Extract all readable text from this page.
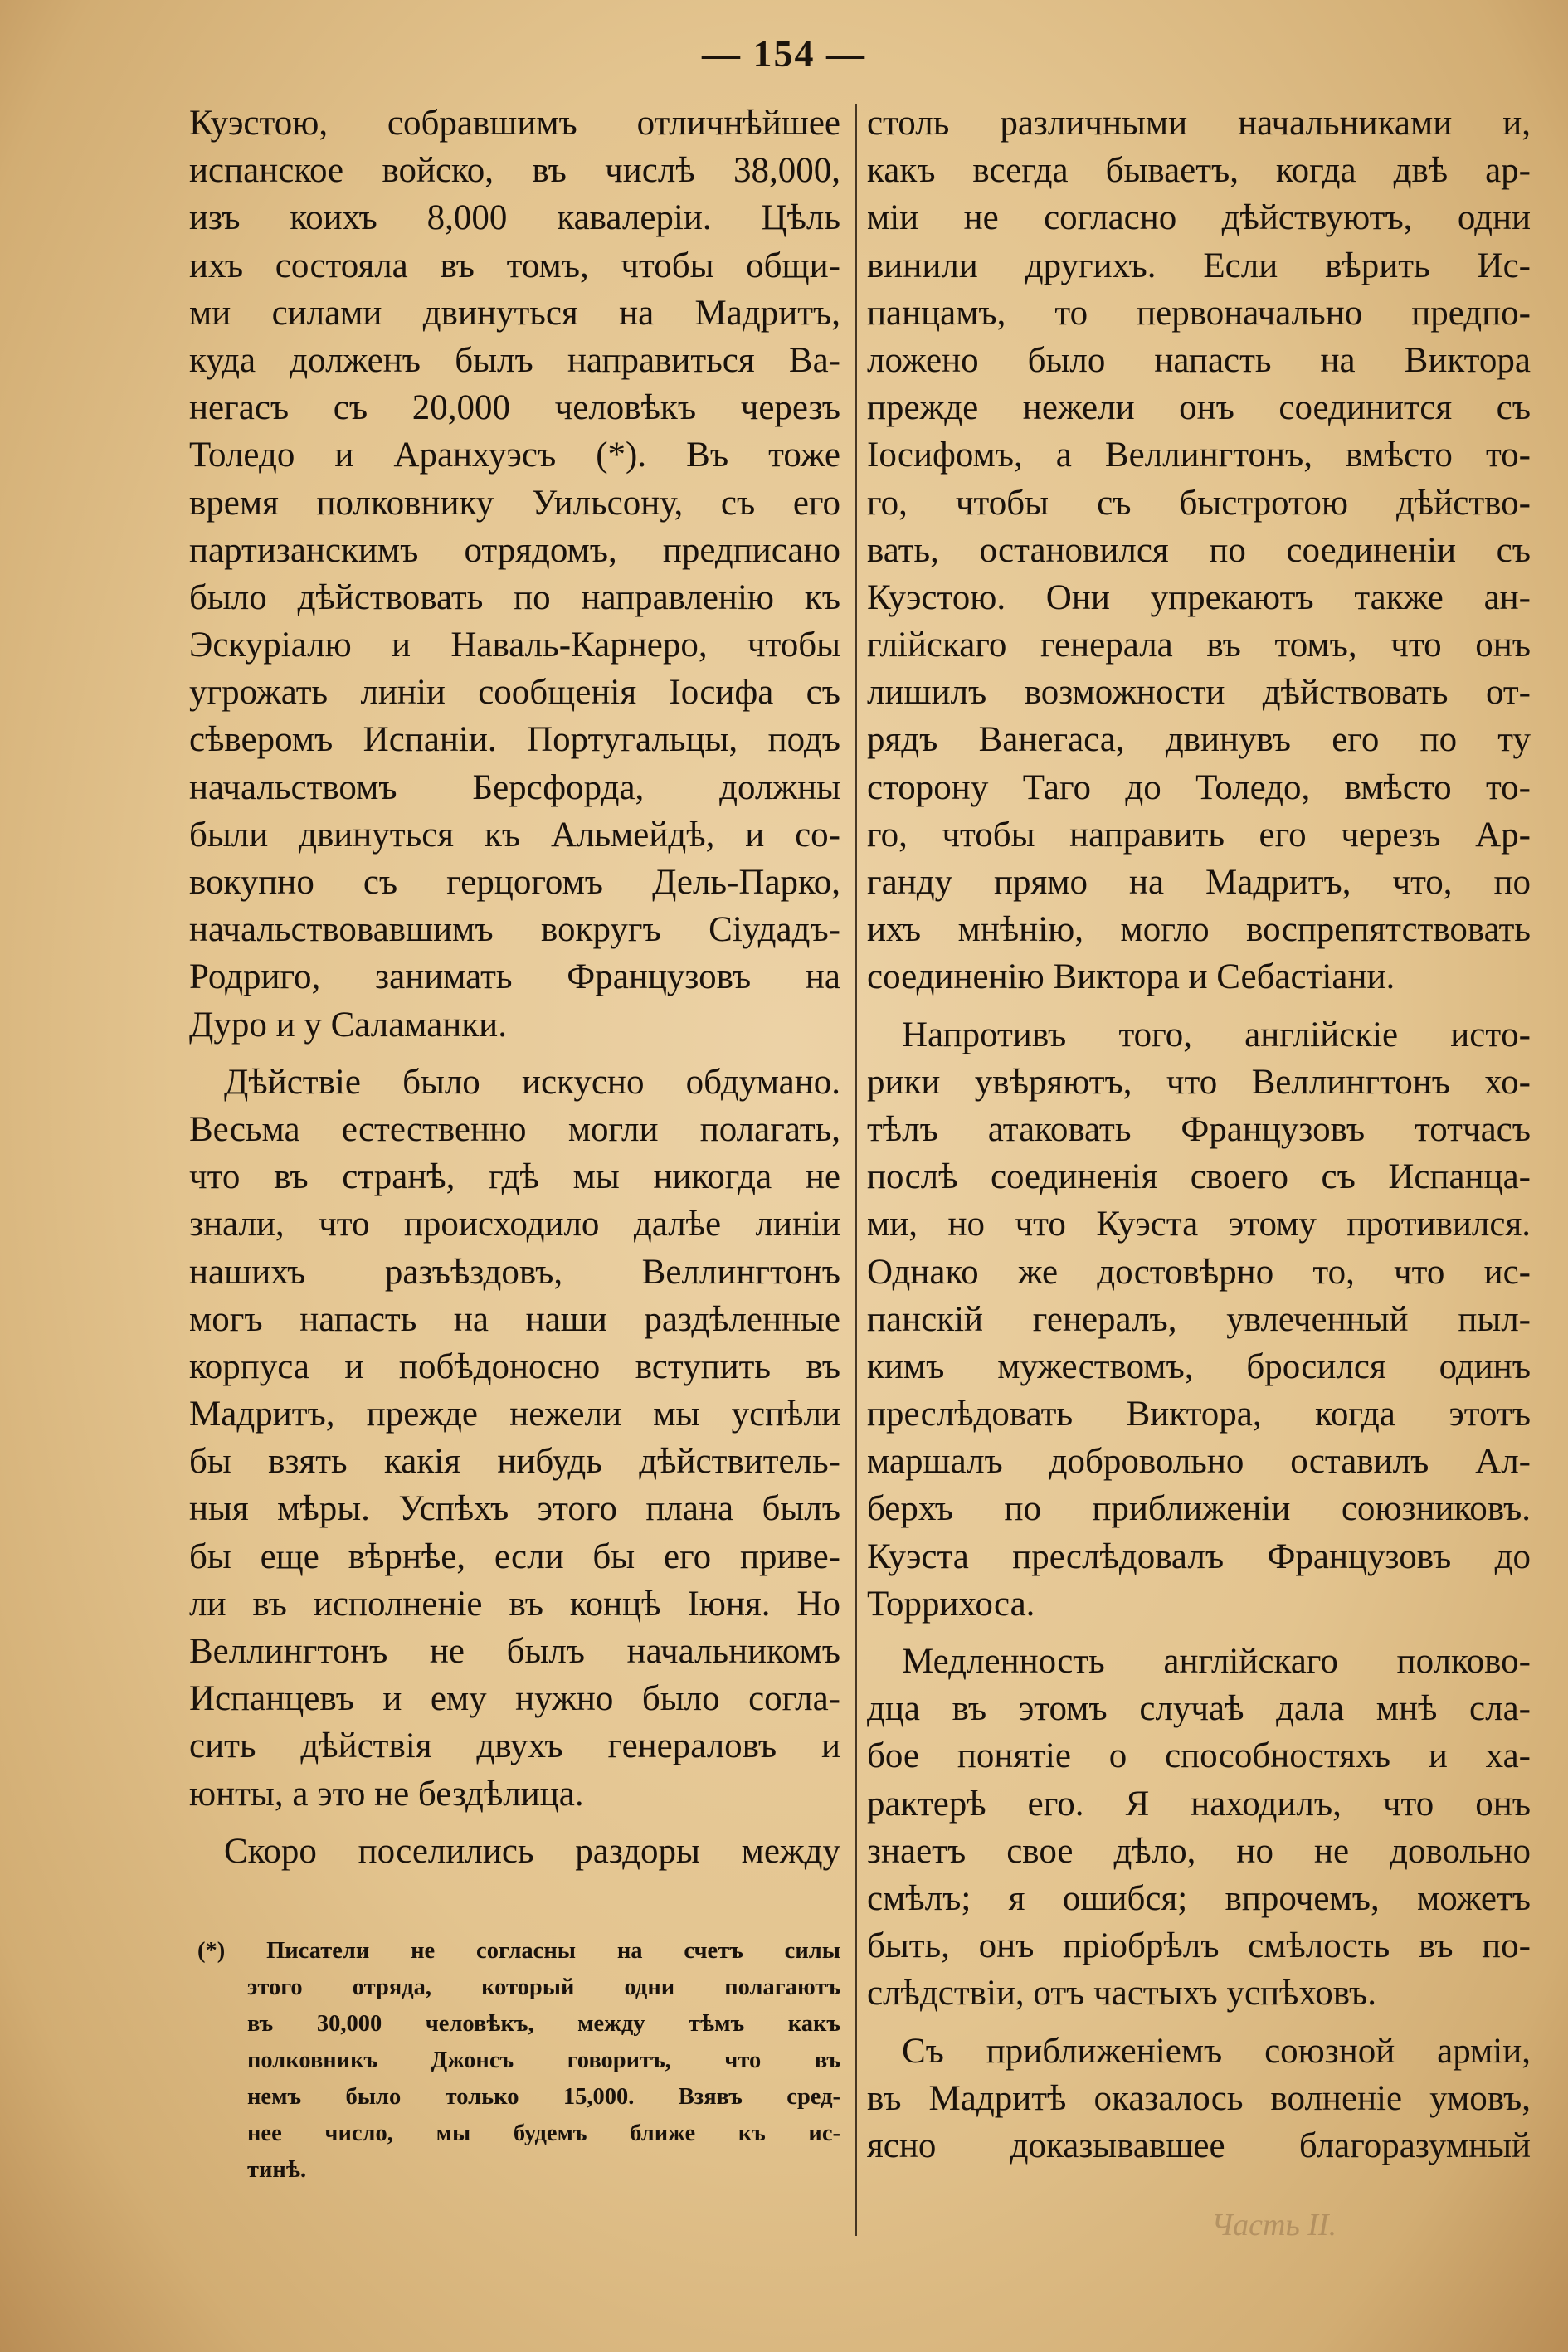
— 154 —
Куэстою, собравшимъ отличнѣйшее
испанское войско, въ числѣ 38,000,
изъ коихъ 8,000 кавалеріи. Цѣль
ихъ состояла въ томъ, чтобы общи-
ми силами двинуться на Мадритъ,
куда долженъ былъ направиться Ва-
негасъ съ 20,000 человѣкъ черезъ
Толедо и Аранхуэсъ (*). Въ тоже
время полковнику Уильсону, съ его
партизанскимъ отрядомъ, предписано
было дѣйствовать по направленію къ
Эскуріалю и Наваль-Карнеро, чтобы
угрожать линіи сообщенія Іосифа съ
сѣверомъ Испаніи. Португальцы, подъ
начальствомъ Берсфорда, должны
были двинуться къ Альмейдѣ, и со-
вокупно съ герцогомъ Дель-Парко,
начальствовавшимъ вокругъ Сіудадъ-
Родриго, занимать Французовъ на
Дуро и у Саламанки.
Дѣйствіе было искусно обдумано.
Весьма естественно могли полагать,
что въ странѣ, гдѣ мы никогда не
знали, что происходило далѣе линіи
нашихъ разъѣздовъ, Веллингтонъ
могъ напасть на наши раздѣленные
корпуса и побѣдоносно вступить въ
Мадритъ, прежде нежели мы успѣли
бы взять какія нибудь дѣйствитель-
ныя мѣры. Успѣхъ этого плана былъ
бы еще вѣрнѣе, если бы его приве-
ли въ исполненіе въ концѣ Іюня. Но
Веллингтонъ не былъ начальникомъ
Испанцевъ и ему нужно было согла-
сить дѣйствія двухъ генераловъ и
юнты, а это не бездѣлица.
Скоро поселились раздоры между
(*) Писатели не согласны на счетъ силы
этого отряда, который одни полагаютъ
въ 30,000 человѣкъ, между тѣмъ какъ
полковникъ Джонсъ говоритъ, что въ
немъ было только 15,000. Взявъ сред-
нее число, мы будемъ ближе къ ис-
тинѣ.
столь различными начальниками и,
какъ всегда бываетъ, когда двѣ ар-
міи не согласно дѣйствуютъ, одни
винили другихъ. Если вѣрить Ис-
панцамъ, то первоначально предпо-
ложено было напасть на Виктора
прежде нежели онъ соединится съ
Іосифомъ, а Веллингтонъ, вмѣсто то-
го, чтобы съ быстротою дѣйство-
вать, остановился по соединеніи съ
Куэстою. Они упрекаютъ также ан-
глійскаго генерала въ томъ, что онъ
лишилъ возможности дѣйствовать от-
рядъ Ванегаса, двинувъ его по ту
сторону Таго до Толедо, вмѣсто то-
го, чтобы направить его черезъ Ар-
ганду прямо на Мадритъ, что, по
ихъ мнѣнію, могло воспрепятствовать
соединенію Виктора и Себастіани.
Напротивъ того, англійскіе истo-
рики увѣряютъ, что Веллингтонъ хо-
тѣлъ атаковать Французовъ тотчасъ
послѣ соединенія своего съ Испанца-
ми, но что Куэста этому противился.
Однако же достовѣрно то, что ис-
панскій генералъ, увлеченный пыл-
кимъ мужествомъ, бросился одинъ
преслѣдовать Виктора, когда этотъ
маршалъ добровольно оставилъ Ал-
берхъ по приближеніи союзниковъ.
Куэста преслѣдовалъ Французовъ до
Торрихоса.
Медленность англійскаго полково-
дца въ этомъ случаѣ дала мнѣ сла-
бое понятіе о способностяхъ и ха-
рактерѣ его. Я находилъ, что онъ
знаетъ свое дѣло, но не довольно
смѣлъ; я ошибся; впрочемъ, можетъ
быть, онъ пріобрѣлъ смѣлость въ по-
слѣдствіи, отъ частыхъ успѣховъ.
Съ приближеніемъ союзной арміи,
въ Мадритѣ оказалось волненіе умовъ,
ясно доказывавшее благоразумный
Часть II.
